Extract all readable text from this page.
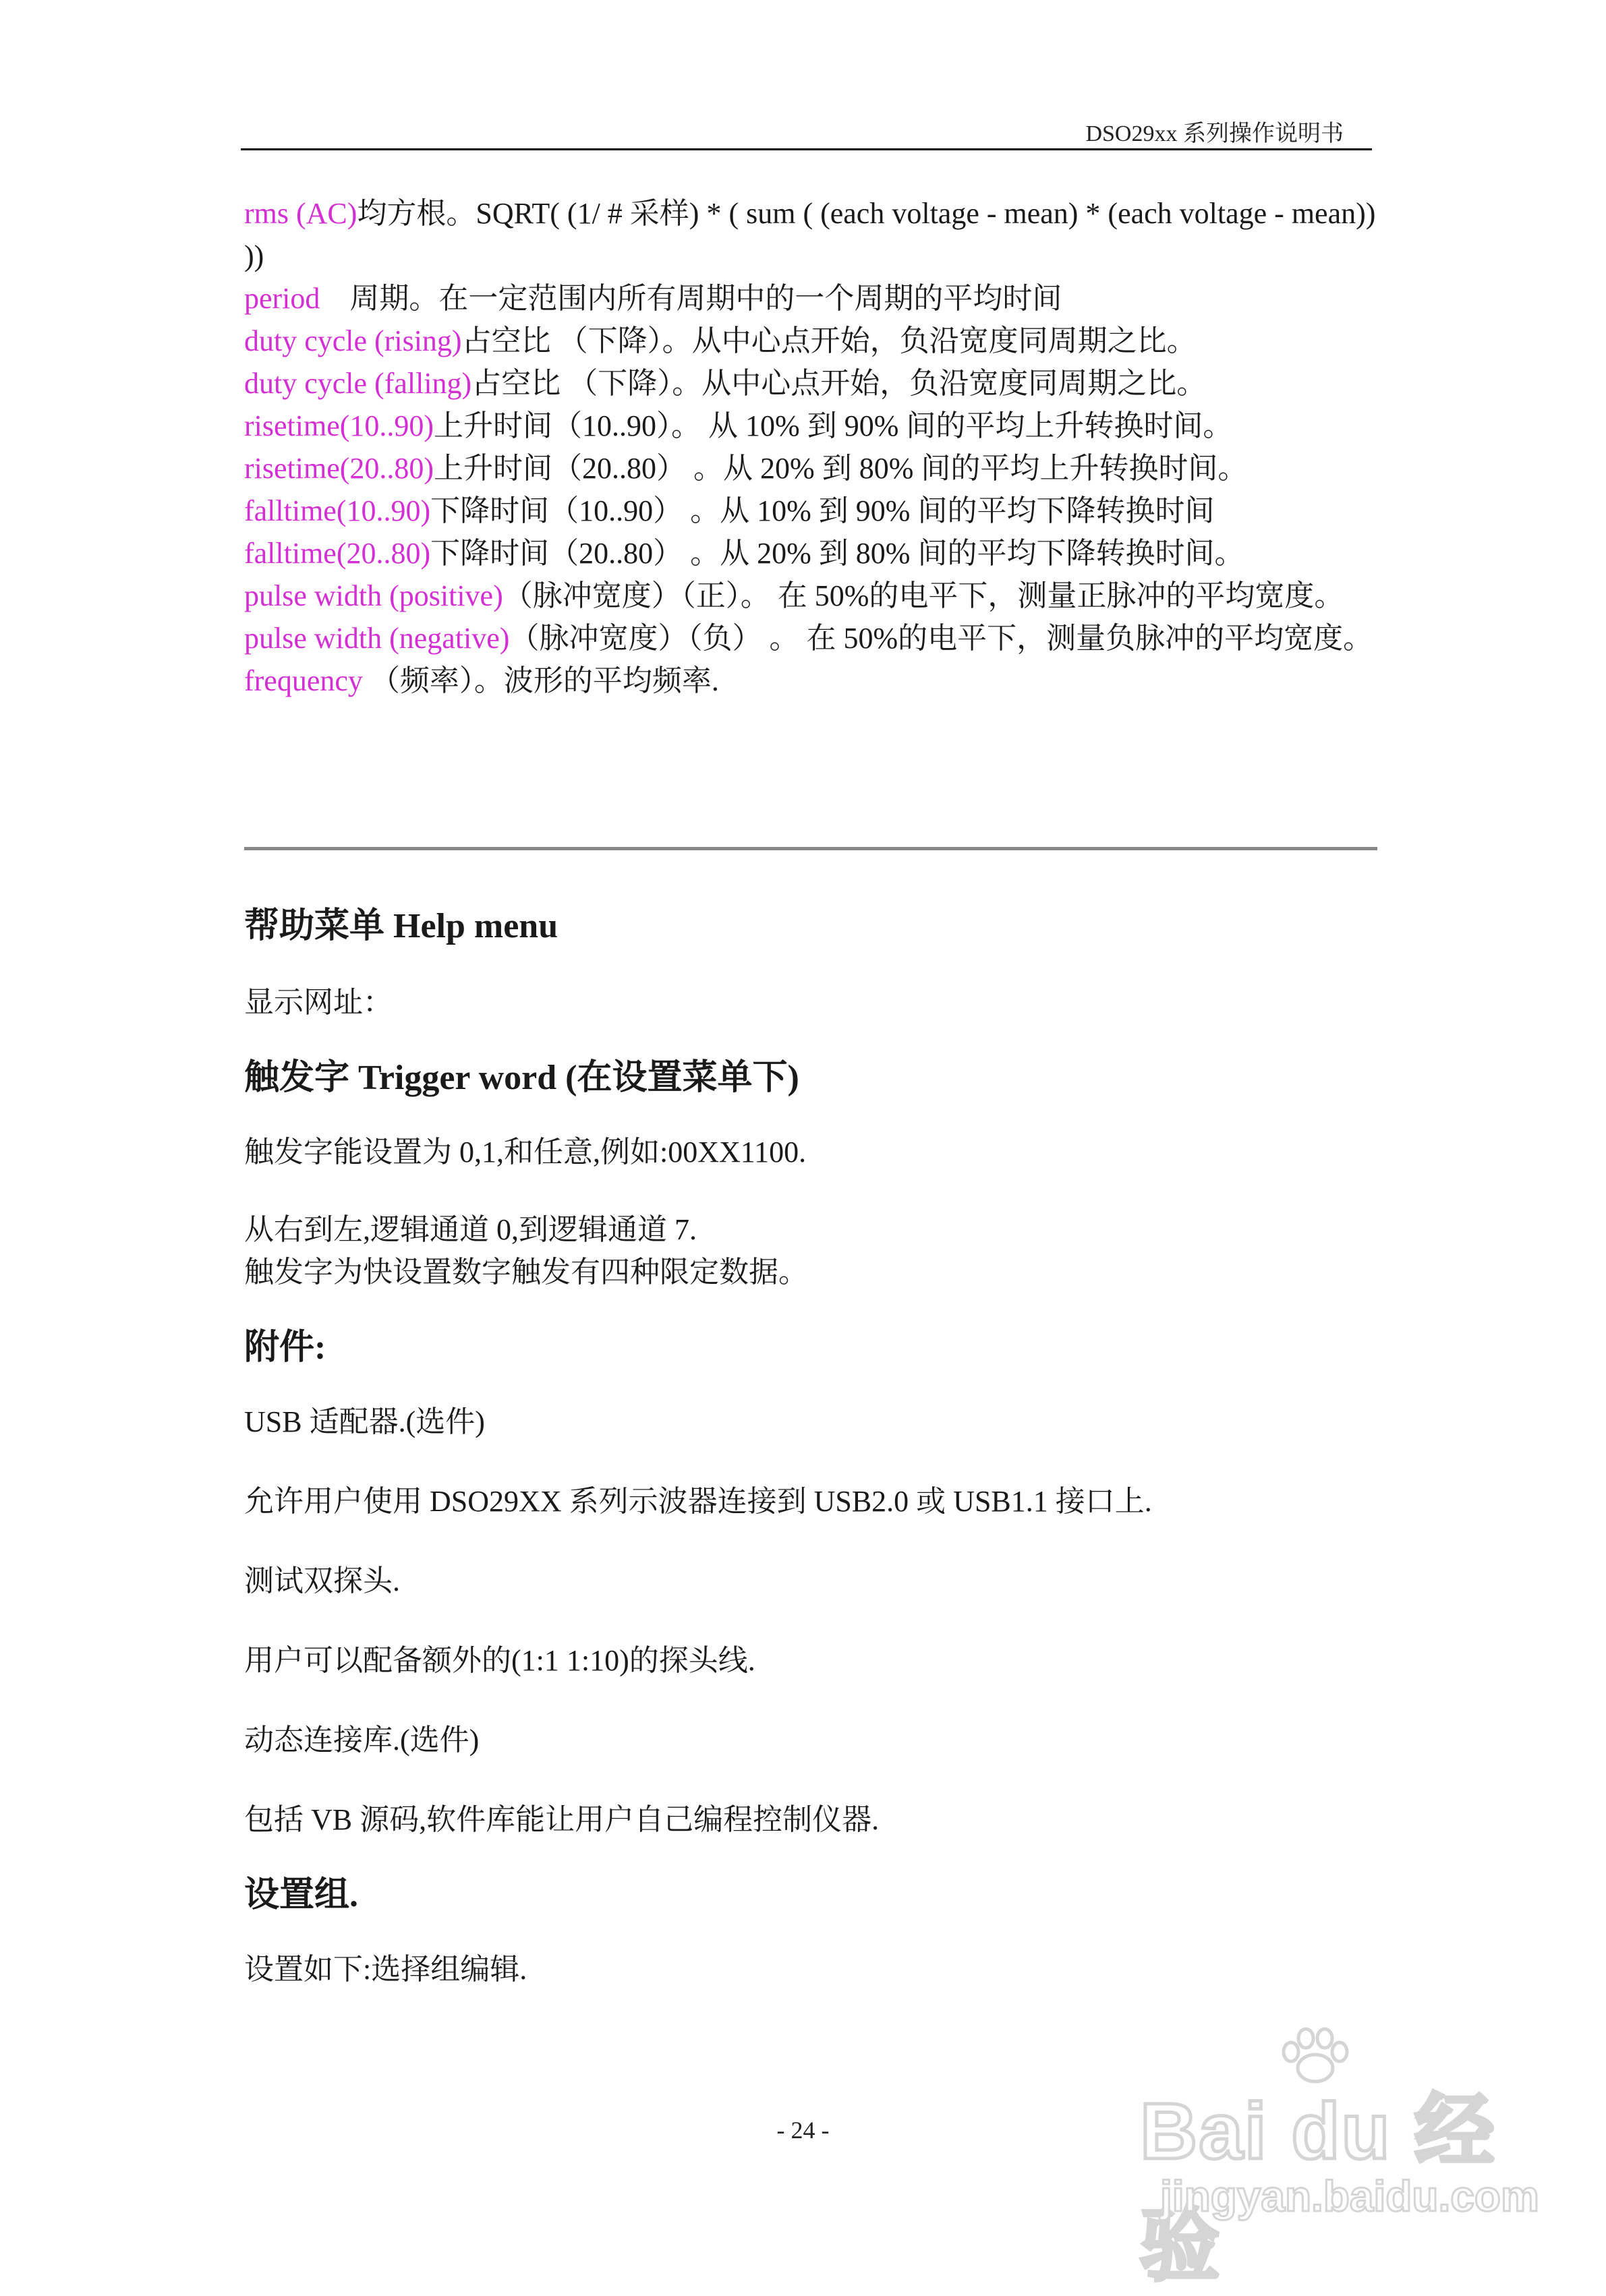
DSO29xx 系列操作说明书

rms (AC)均方根。SQRT( (1/ # 采样) * ( sum ( (each voltage - mean) * (each voltage - mean)) ))

period　周期。在一定范围内所有周期中的一个周期的平均时间

duty cycle (rising)占空比 （下降）。从中心点开始，负沿宽度同周期之比。

duty cycle (falling)占空比 （下降）。从中心点开始，负沿宽度同周期之比。

risetime(10..90)上升时间（10..90）。 从 10% 到 90% 间的平均上升转换时间。

risetime(20..80)上升时间（20..80） 。从 20% 到 80% 间的平均上升转换时间。

falltime(10..90)下降时间（10..90） 。从 10% 到 90% 间的平均下降转换时间

falltime(20..80)下降时间（20..80） 。从 20% 到 80% 间的平均下降转换时间。

pulse width (positive)（脉冲宽度）（正）。 在 50%的电平下，测量正脉冲的平均宽度。

pulse width (negative)（脉冲宽度）（负） 。 在 50%的电平下，测量负脉冲的平均宽度。

frequency （频率）。波形的平均频率.

帮助菜单 Help menu

显示网址：

触发字 Trigger word (在设置菜单下)

触发字能设置为 0,1,和任意,例如:00XX1100.

从右到左,逻辑通道 0,到逻辑通道 7.

触发字为快设置数字触发有四种限定数据。

附件:

USB 适配器.(选件)

允许用户使用 DSO29XX 系列示波器连接到 USB2.0 或 USB1.1 接口上.

测试双探头.

用户可以配备额外的(1:1 1:10)的探头线.

动态连接库.(选件)

包括 VB 源码,软件库能让用户自己编程控制仪器.

设置组.

设置如下:选择组编辑.

- 24 -	Bai du 经验
jingyan.baidu.com
